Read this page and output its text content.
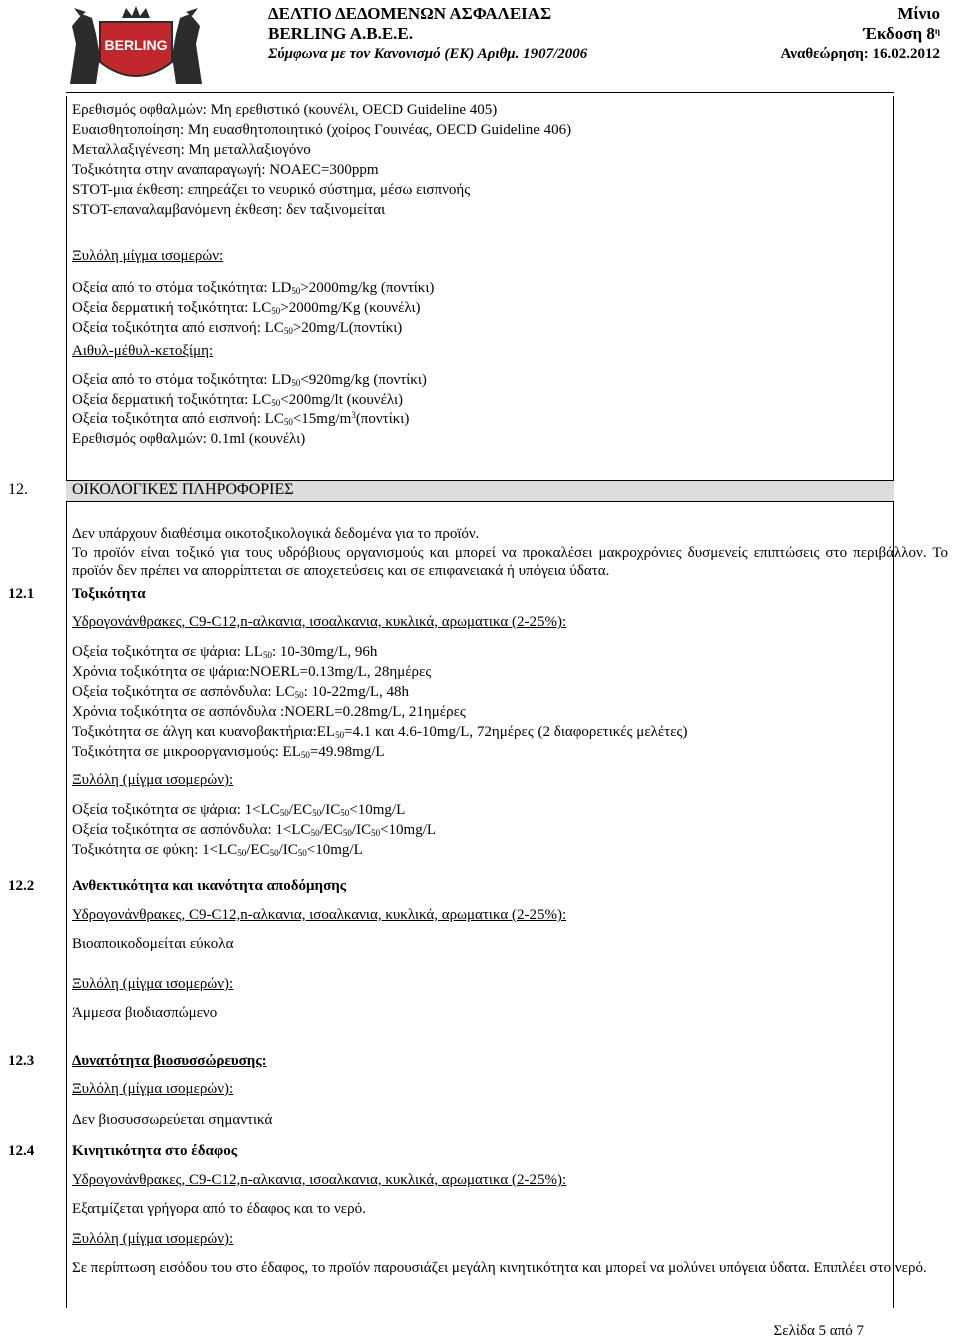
BERLING
ΔΕΛΤΙΟ ΔΕΔΟΜΕΝΩΝ ΑΣΦΑΛΕΙΑΣ
BERLING A.B.E.E.
Σύμφωνα με τον Κανονισμό (ΕΚ) Αριθμ. 1907/2006
Μίνιο
Έκδοση $8^\eta$
Αναθεώρηση: 16.02.2012
Ερεθισμός οφθαλμών: Μη ερεθιστικό (κουνέλι, OECD Guideline 405)
Ευαισθητοποίηση: Μη ευασθητοποιητικό (χοίρος Γουινέας, OECD Guideline 406)
Μεταλλαξιγένεση: Μη μεταλλαξιογόνο
Τοξικότητα στην αναπαραγωγή: NOAEC=300ppm
STOT-μια έκθεση: επηρεάζει το νευρικό σύστημα, μέσω εισπνοής
STOT-επαναλαμβανόμενη έκθεση: δεν ταξινομείται
Ξυλόλη μίγμα ισομερών:
Οξεία από το στόμα τοξικότητα: $LD_{50}>2000mg/kg$ (ποντίκι)
Οξεία δερματική τοξικότητα: $LC_{50}>2000mg/Kg$ (κουνέλι)
Οξεία τοξικότητα από εισπνοή: $LC_{50}>20mg/L(\pi o\nu\tau ί\kappa\iota)$
Αιθυλ-μέθυλ-κετοξίμη:
Οξεία από το στόμα τοξικότητα: $LD_{50}<920mg/kg$ (ποντίκι)
Οξεία δερματική τοξικότητα: $LC_{50}<200mg/lt$ (κουνέλι)
Οξεία τοξικότητα από εισπνοή: $LC_{50}<15mg/m^3(\pi o\nu\tau ί\kappa\iota)$
Ερεθισμός οφθαλμών: 0.1ml (κουνέλι)
12.	ΟΙΚΟΛΟΓΙΚΕΣ ΠΛΗΡΟΦΟΡΙΕΣ
Δεν υπάρχουν διαθέσιμα οικοτοξικολογικά δεδομένα για το προϊόν.
Το προϊόν είναι τοξικό για τους υδρόβιους οργανισμούς και μπορεί να προκαλέσει μακροχρόνιες δυσμενείς επιπτώσεις στο περιβάλλον. Το προϊόν δεν πρέπει να απορρίπτεται σε αποχετεύσεις και σε επιφανειακά ή υπόγεια ύδατα.
12.1	Τοξικότητα
Υδρογονάνθρακες, C9-C12,n-αλκανια, ισοαλκανια, κυκλικά, αρωματικα (2-25%):
Οξεία τοξικότητα σε ψάρια: $LL_{50}$: 10-30mg/L, 96h
Χρόνια τοξικότητα σε ψάρια:NOERL=0.13mg/L, 28ημέρες
Οξεία τοξικότητα σε ασπόνδυλα: $LC_{50}$: 10-22mg/L, 48h
Χρόνια τοξικότητα σε ασπόνδυλα :NOERL=0.28mg/L, 21ημέρες
Τοξικότητα σε άλγη και $\kappa\upsilon\alpha\nu o\beta\alpha\kappa\tau ή\rho\iota\alpha:EL_{50}=4.1$ και 4.6-10mg/L, 72ημέρες (2 διαφορετικές μελέτες)
Τοξικότητα σε μικροοργανισμούς: $EL_{50}=49.98mg/L$
Ξυλόλη (μίγμα ισομερών):
Οξεία τοξικότητα σε ψάρια: $1<LC_{50}/EC_{50}/IC_{50}<10mg/L$
Οξεία τοξικότητα σε ασπόνδυλα: $1<LC_{50}/EC_{50}/IC_{50}<10mg/L$
Τοξικότητα σε φύκη: $1<LC_{50}/EC_{50}/IC_{50}<10mg/L$
12.2	Ανθεκτικότητα και ικανότητα αποδόμησης
Υδρογονάνθρακες, C9-C12,n-αλκανια, ισοαλκανια, κυκλικά, αρωματικα (2-25%):
Βιοαποικοδομείται εύκολα
Ξυλόλη (μίγμα ισομερών):
Άμμεσα βιοδιασπώμενο
12.3	Δυνατότητα βιοσυσσώρευσης:
Ξυλόλη (μίγμα ισομερών):
Δεν βιοσυσσωρεύεται σημαντικά
12.4	Κινητικότητα στο έδαφος
Υδρογονάνθρακες, C9-C12,n-αλκανια, ισοαλκανια, κυκλικά, αρωματικα (2-25%):
Εξατμίζεται γρήγορα από το έδαφος και το νερό.
Ξυλόλη (μίγμα ισομερών):
Σε περίπτωση εισόδου του στο έδαφος, το προϊόν παρουσιάζει μεγάλη κινητικότητα και μπορεί να μολύνει υπόγεια ύδατα. Επιπλέει στο νερό.
Σελίδα 5 από 7
